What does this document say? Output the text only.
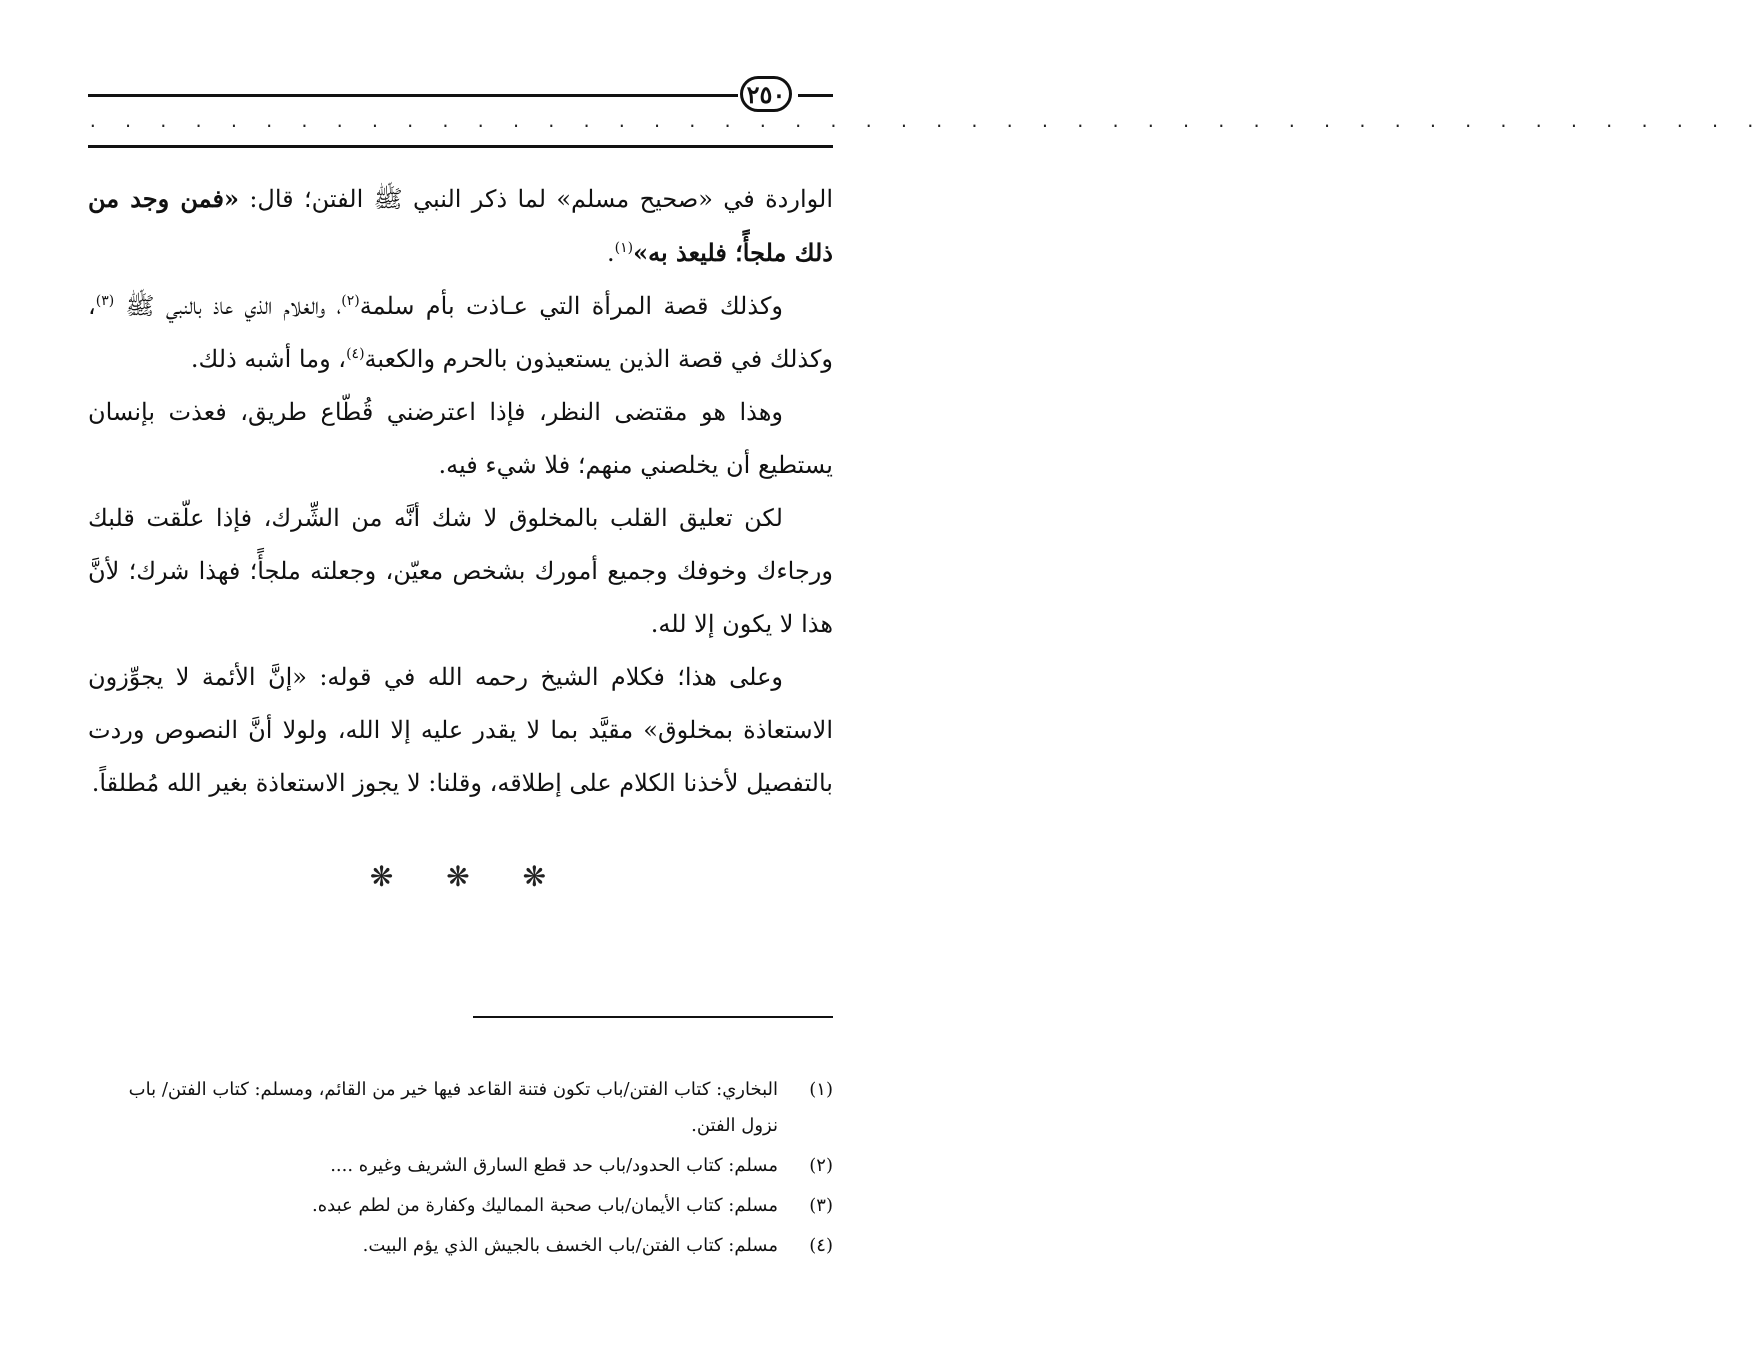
٢٥٠
. . . . . . . . . . . . . . . . . . . . . . . . . . . . . . . . . . . . . . . . . . . . . . . .

الواردة في «صحيح مسلم» لما ذكر النبي ﷺ الفتن؛ قال: «فمن وجد من ذلك ملجأً؛ فليعذ به»$^{(١)}$.

وكذلك قصة المرأة التي عـاذت بأم سلمة$^{(٢)}$، والغلام الذي عاذ بالنبي ﷺ $^{(٣)}$، وكذلك في قصة الذين يستعيذون بالحرم والكعبة$^{(٤)}$، وما أشبه ذلك.

وهذا هو مقتضى النظر، فإذا اعترضني قُطّاع طريق، فعذت بإنسان يستطيع أن يخلصني منهم؛ فلا شيء فيه.

لكن تعليق القلب بالمخلوق لا شك أنَّه من الشِّرك، فإذا علّقت قلبك ورجاءك وخوفك وجميع أمورك بشخص معيّن، وجعلته ملجأً؛ فهذا شرك؛ لأنَّ هذا لا يكون إلا لله.

وعلى هذا؛ فكلام الشيخ رحمه الله في قوله: «إنَّ الأئمة لا يجوِّزون الاستعاذة بمخلوق» مقيَّد بما لا يقدر عليه إلا الله، ولولا أنَّ النصوص وردت بالتفصيل لأخذنا الكلام على إطلاقه، وقلنا: لا يجوز الاستعاذة بغير الله مُطلقاً.

❋ ❋ ❋
(١)
البخاري: كتاب الفتن/باب تكون فتنة القاعد فيها خير من القائم، ومسلم: كتاب الفتن/ باب نزول الفتن.
(٢)
مسلم: كتاب الحدود/باب حد قطع السارق الشريف وغيره ....
(٣)
مسلم: كتاب الأيمان/باب صحبة المماليك وكفارة من لطم عبده.
(٤)
مسلم: كتاب الفتن/باب الخسف بالجيش الذي يؤم البيت.
